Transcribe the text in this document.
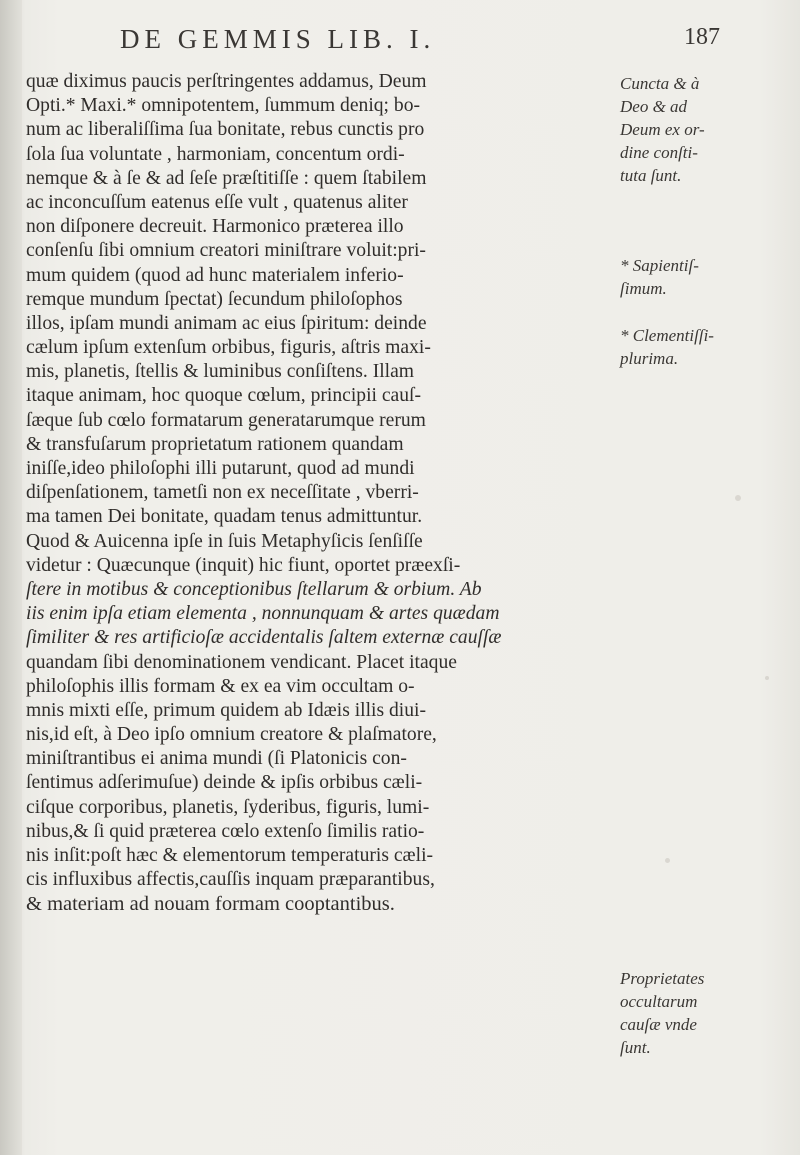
DE GEMMIS LIB. I.	187
quæ diximus paucis perſtringentes addamus, Deum
Opti.* Maxi.* omnipotentem, ſummum deniq; bo-
num ac liberaliſſima ſua bonitate, rebus cunctis pro
ſola ſua voluntate , harmoniam, concentum ordi-
nemque & à ſe & ad ſeſe præſtitiſſe : quem ſtabilem
ac inconcuſſum eatenus eſſe vult , quatenus aliter
non diſponere decreuit. Harmonico præterea illo
conſenſu ſibi omnium creatori miniſtrare voluit:pri-
mum quidem (quod ad hunc materialem inferio-
remque mundum ſpectat) ſecundum philoſophos
illos, ipſam mundi animam ac eius ſpiritum: deinde
cælum ipſum extenſum orbibus, figuris, aſtris maxi-
mis, planetis, ſtellis & luminibus conſiſtens. Illam
itaque animam, hoc quoque cœlum, principii cauſ-
ſæque ſub cœlo formatarum generatarumque rerum
& transfuſarum proprietatum rationem quandam
iniſſe,ideo philoſophi illi putarunt, quod ad mundi
diſpenſationem, tametſi non ex neceſſitate , vberri-
ma tamen Dei bonitate, quadam tenus admittuntur.
Quod & Auicenna ipſe in ſuis Metaphyſicis ſenſiſſe
videtur : Quæcunque (inquit) hic fiunt, oportet præexſi-
ſtere in motibus & conceptionibus ſtellarum & orbium. Ab
iis enim ipſa etiam elementa , nonnunquam & artes quædam
ſimiliter & res artificioſæ accidentalis ſaltem externæ cauſſæ
quandam ſibi denominationem vendicant. Placet itaque
philoſophis illis formam & ex ea vim occultam o-
mnis mixti eſſe, primum quidem ab Idæis illis diui-
nis,id eſt, à Deo ipſo omnium creatore & plaſmatore,
miniſtrantibus ei anima mundi (ſi Platonicis con-
ſentimus adſerimuſue) deinde & ipſis orbibus cæli-
ciſque corporibus, planetis, ſyderibus, figuris, lumi-
nibus,& ſi quid præterea cœlo extenſo ſimilis ratio-
nis inſit:poſt hæc & elementorum temperaturis cæli-
cis influxibus affectis,cauſſis inquam præparantibus,
& materiam ad nouam formam cooptantibus.
Cuncta & à
Deo & ad
Deum ex or-
dine conſti-
tuta ſunt.
* Sapientiſ-
ſimum.
* Clementiſſi-
plurima.
Proprietates
occultarum
cauſæ vnde
ſunt.
